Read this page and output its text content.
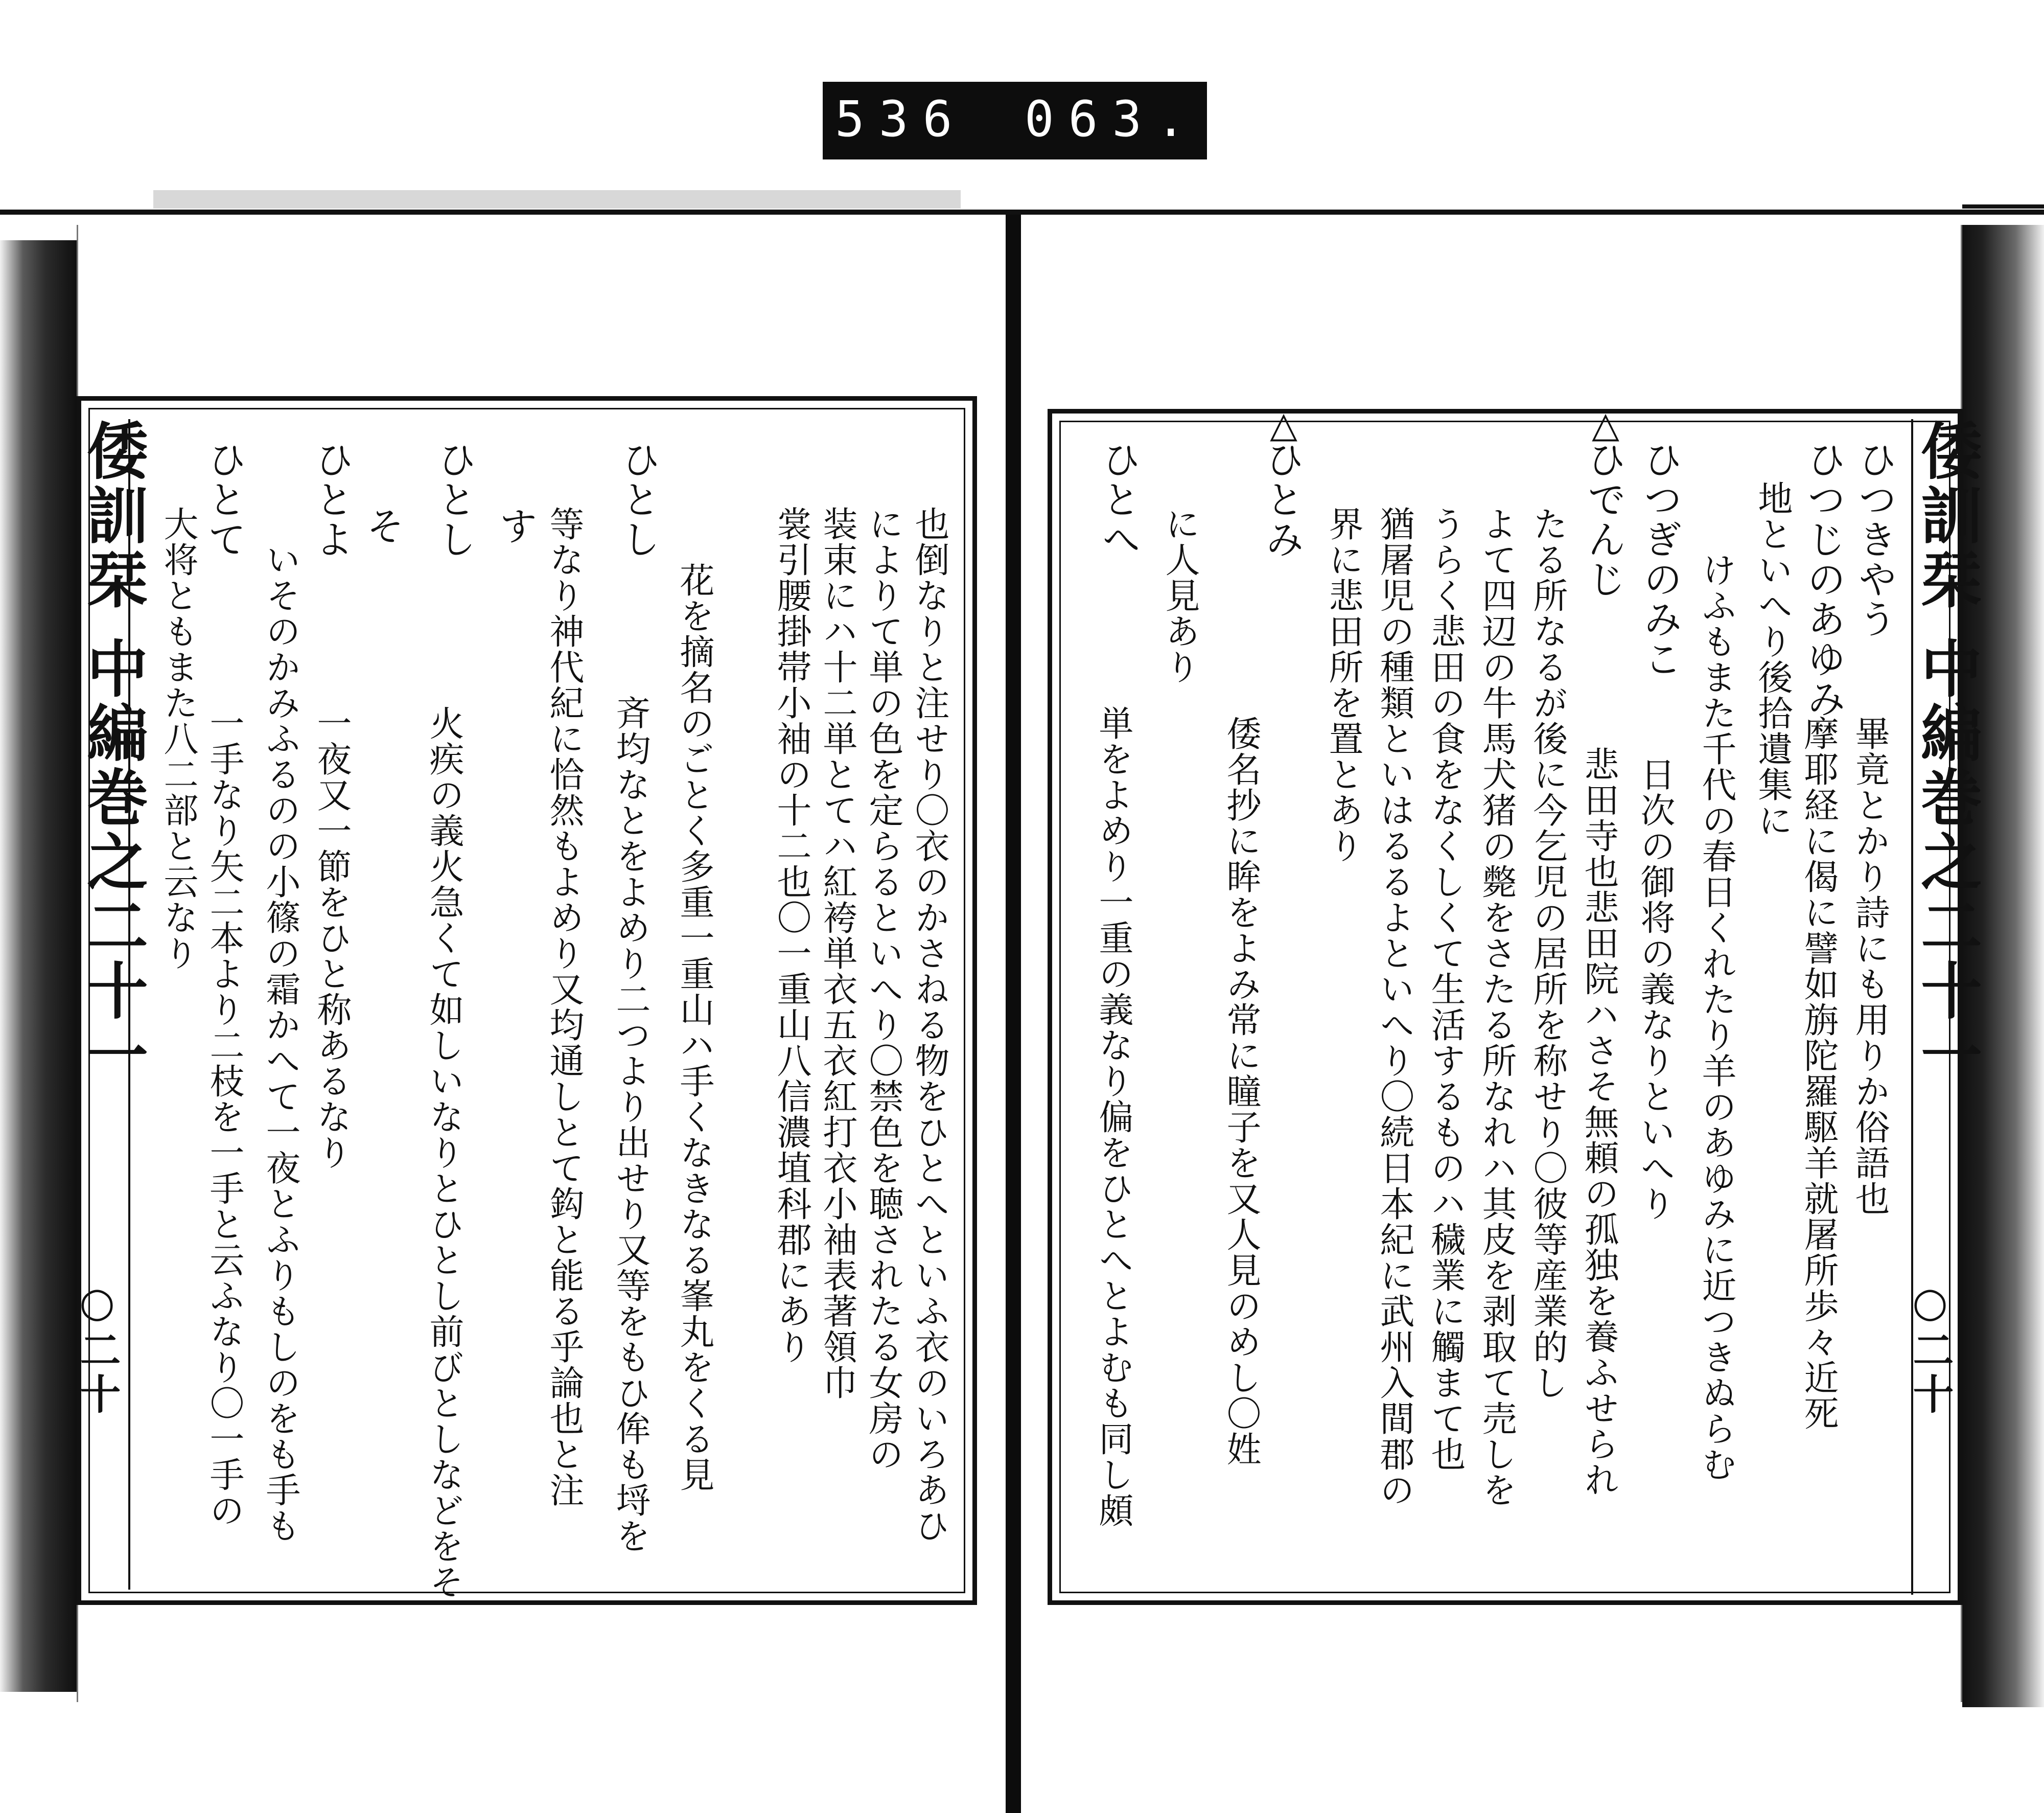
536 063.
倭訓栞 中編巻之二十一
○二十	也倒なりと注せり〇衣のかさねる物をひとへといふ衣のいろあひ
によりて単の色を定らるといへり〇禁色を聴されたる女房の
装束にハ十二単とてハ紅袴単衣五衣紅打衣小袖表著領巾
裳引腰掛帯小袖の十二也〇一重山八信濃埴科郡にあり
花を摘名のごとく多重一重山ハ手くなきなる峯丸をくる見
ひとし
斉均なとをよめり二つより出せり又等をもひ侔も埒を
等なり神代紀に恰然もよめり又均通しとて鈎と能る乎論也と注
す
ひとし
火疾の義火急くて如しいなりとひとし前びとしなどをそ
そ
ひとよ
一夜又一節をひと称あるなり
いそのかみふるのの小篠の霜かへて一夜とふりもしのをも手も
ひとて
一手なり矢二本より二枝を一手と云ふなり〇一手の
大将ともまた八二部と云なり	倭訓栞 中編巻之二十一
○二十
ひつきやう
畢竟とかり詩にも用りか俗語也
ひつじのあゆみ
摩耶経に偈に譬如旃陀羅駆羊就屠所歩々近死
地といへり後拾遺集に
けふもまた千代の春日くれたり羊のあゆみに近つきぬらむ
ひつぎのみこ
日次の御将の義なりといへり
ひでんじ
悲田寺也悲田院ハさそ無頼の孤独を養ふせられ
たる所なるが後に今乞児の居所を称せり〇彼等産業的し
よて四辺の牛馬犬猪の斃をさたる所なれハ其皮を剥取て売しを
うらく悲田の食をなくしくて生活するものハ穢業に觸まて也
猶屠児の種類といはるるよといへり〇続日本紀に武州入間郡の
界に悲田所を置とあり
ひとみ
倭名抄に眸をよみ常に瞳子を又人見のめし〇姓
に人見あり
ひとへ
単をよめり一重の義なり偏をひとへとよむも同し頗
△
△
